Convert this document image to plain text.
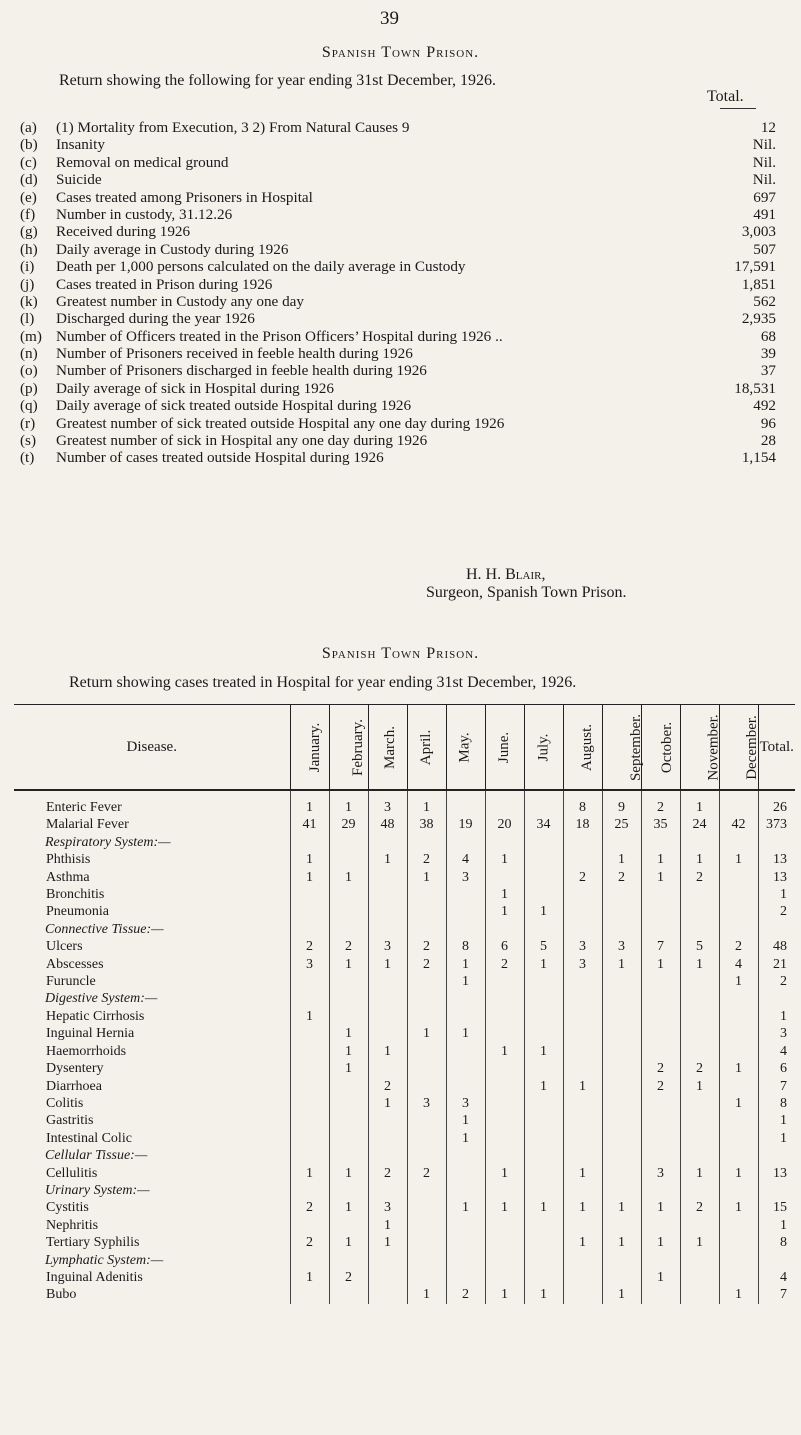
39
Spanish Town Prison.
Return showing the following for year ending 31st December, 1926.
Total.
(a) (1) Mortality from Execution, 3 2) From Natural Causes 9	12
(b) Insanity	Nil.
(c) Removal on medical ground	Nil.
(d) Suicide	Nil.
(e) Cases treated among Prisoners in Hospital	697
(f) Number in custody, 31.12.26	491
(g) Received during 1926	3,003
(h) Daily average in Custody during 1926	507
(i) Death per 1,000 persons calculated on the daily average in Custody	17,591
(j) Cases treated in Prison during 1926	1,851
(k) Greatest number in Custody any one day	562
(l) Discharged during the year 1926	2,935
(m) Number of Officers treated in the Prison Officers’ Hospital during 1926 ..	68
(n) Number of Prisoners received in feeble health during 1926	39
(o) Number of Prisoners discharged in feeble health during 1926	37
(p) Daily average of sick in Hospital during 1926	18,531
(q) Daily average of sick treated outside Hospital during 1926	492
(r) Greatest number of sick treated outside Hospital any one day during 1926	96
(s) Greatest number of sick in Hospital any one day during 1926	28
(t) Number of cases treated outside Hospital during 1926	1,154
H. H. Blair,
Surgeon, Spanish Town Prison.
Spanish Town Prison.
Return showing cases treated in Hospital for year ending 31st December, 1926.
Disease.	January.	February.	March.	April.	May.	June.	July.	August.	September.	October.	November.	December.	Total.

Enteric Fever	1	1	3	1				8	9	2	1		26
Malarial Fever	41	29	48	38	19	20	34	18	25	35	24	42	373
Respiratory System:—													
Phthisis	1		1	2	4	1			1	1	1	1	13
Asthma	1	1		1	3			2	2	1	2		13
Bronchitis						1							1
Pneumonia						1	1						2
Connective Tissue:—													
Ulcers	2	2	3	2	8	6	5	3	3	7	5	2	48
Abscesses	3	1	1	2	1	2	1	3	1	1	1	4	21
Furuncle					1							1	2
Digestive System:—													
Hepatic Cirrhosis	1												1
Inguinal Hernia		1		1	1								3
Haemorrhoids		1	1			1	1						4
Dysentery		1								2	2	1	6
Diarrhoea			2				1	1		2	1		7
Colitis			1	3	3							1	8
Gastritis					1								1
Intestinal Colic					1								1
Cellular Tissue:—													
Cellulitis	1	1	2	2		1		1		3	1	1	13
Urinary System:—													
Cystitis	2	1	3		1	1	1	1	1	1	2	1	15
Nephritis			1										1
Tertiary Syphilis	2	1	1					1	1	1	1		8
Lymphatic System:—													
Inguinal Adenitis	1	2								1			4
Bubo				1	2	1	1		1			1	7
